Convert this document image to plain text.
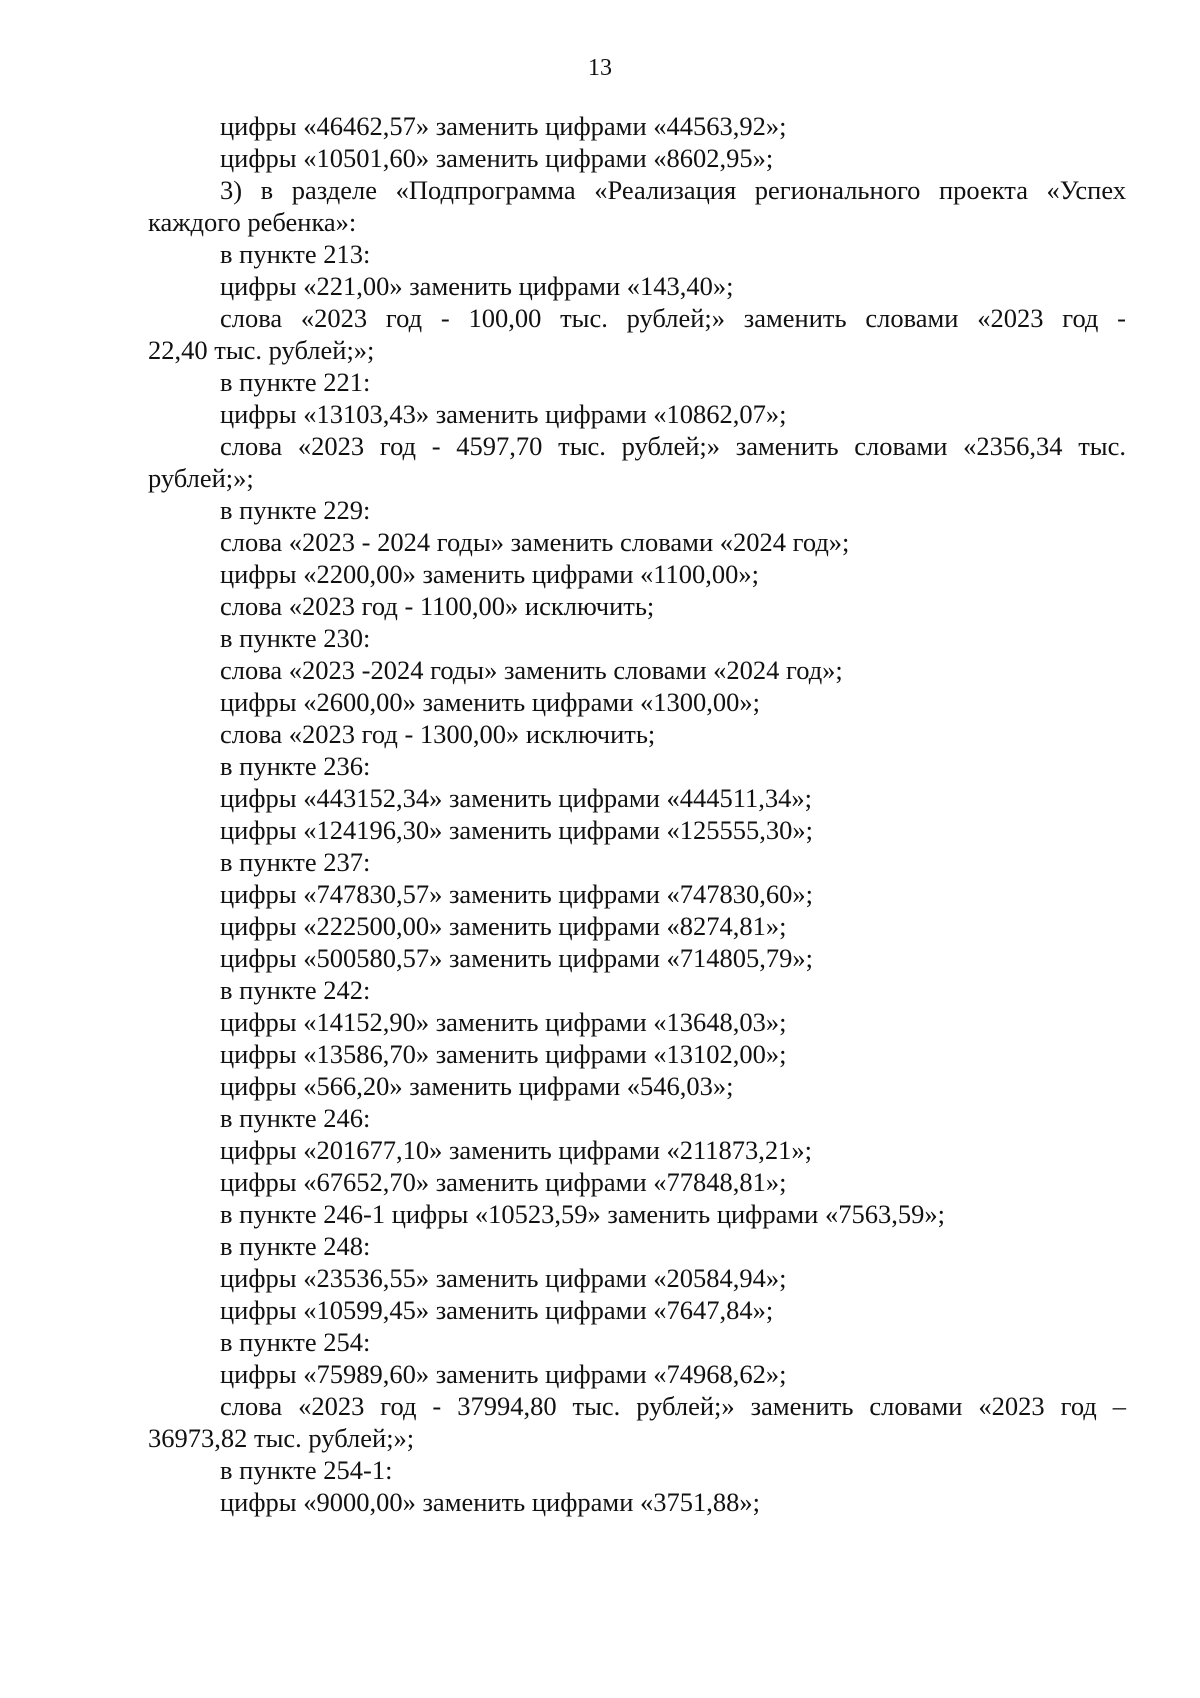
13

цифры «46462,57» заменить цифрами «44563,92»;

цифры «10501,60» заменить цифрами «8602,95»;

3) в разделе «Подпрограмма «Реализация регионального проекта «Успех

каждого ребенка»:

в пункте 213:

цифры «221,00» заменить цифрами «143,40»;

слова «2023 год - 100,00 тыс. рублей;» заменить словами «2023 год -

22,40 тыс. рублей;»;

в пункте 221:

цифры «13103,43» заменить цифрами «10862,07»;

слова «2023 год - 4597,70 тыс. рублей;» заменить словами «2356,34 тыс.

рублей;»;

в пункте 229:

слова «2023 - 2024 годы» заменить словами «2024 год»;

цифры «2200,00» заменить цифрами «1100,00»;

слова «2023 год - 1100,00» исключить;

в пункте 230:

слова «2023 -2024 годы» заменить словами «2024 год»;

цифры «2600,00» заменить цифрами «1300,00»;

слова «2023 год - 1300,00» исключить;

в пункте 236:

цифры «443152,34» заменить цифрами «444511,34»;

цифры «124196,30» заменить цифрами «125555,30»;

в пункте 237:

цифры «747830,57» заменить цифрами «747830,60»;

цифры «222500,00» заменить цифрами «8274,81»;

цифры «500580,57» заменить цифрами «714805,79»;

в пункте 242:

цифры «14152,90» заменить цифрами «13648,03»;

цифры «13586,70» заменить цифрами «13102,00»;

цифры «566,20» заменить цифрами «546,03»;

в пункте 246:

цифры «201677,10» заменить цифрами «211873,21»;

цифры «67652,70» заменить цифрами «77848,81»;

в пункте 246-1 цифры «10523,59» заменить цифрами «7563,59»;

в пункте 248:

цифры «23536,55» заменить цифрами «20584,94»;

цифры «10599,45» заменить цифрами «7647,84»;

в пункте 254:

цифры «75989,60» заменить цифрами «74968,62»;

слова «2023 год - 37994,80 тыс. рублей;» заменить словами «2023 год –

36973,82 тыс. рублей;»;

в пункте 254-1:

цифры «9000,00» заменить цифрами «3751,88»;
